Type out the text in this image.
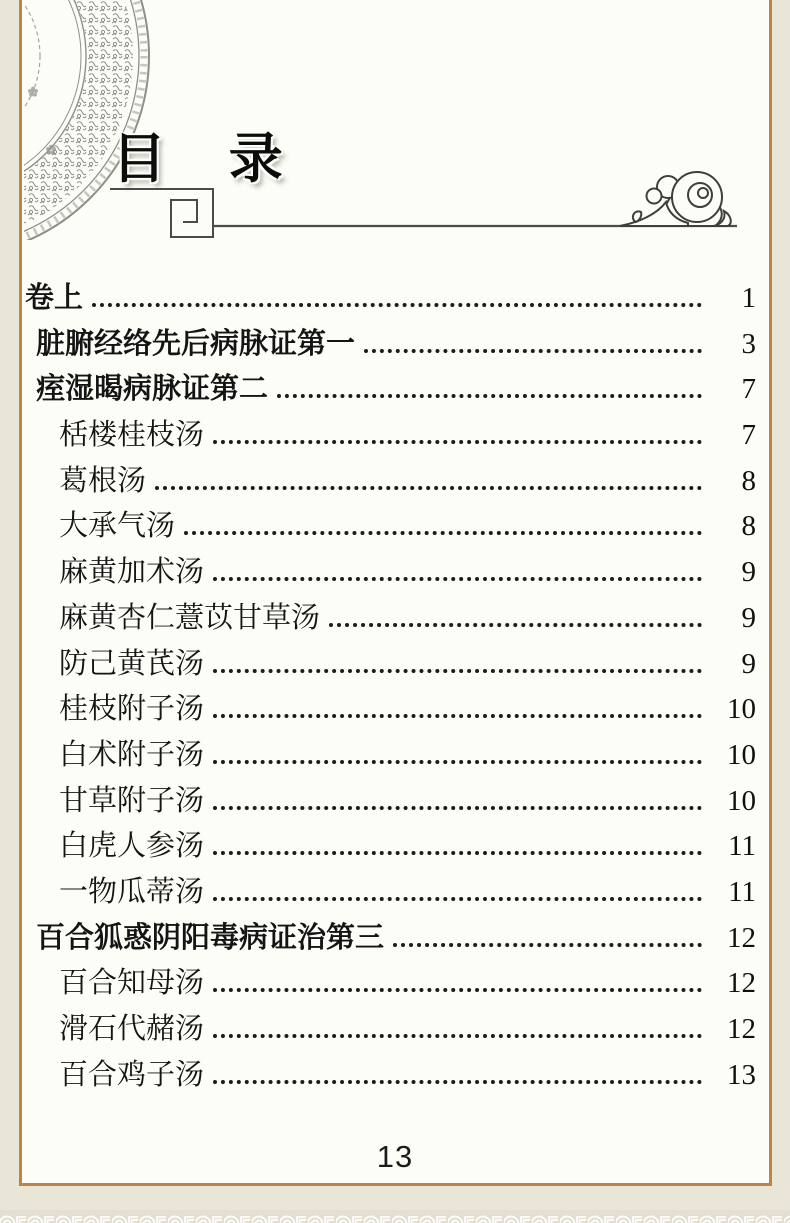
目 录
卷上	1
脏腑经络先后病脉证第一	3
痓湿暍病脉证第二	7
栝楼桂枝汤	7
葛根汤	8
大承气汤	8
麻黄加术汤	9
麻黄杏仁薏苡甘草汤	9
防己黄芪汤	9
桂枝附子汤	10
白术附子汤	10
甘草附子汤	10
白虎人参汤	11
一物瓜蒂汤	11
百合狐惑阴阳毒病证治第三	12
百合知母汤	12
滑石代赭汤	12
百合鸡子汤	13
13
